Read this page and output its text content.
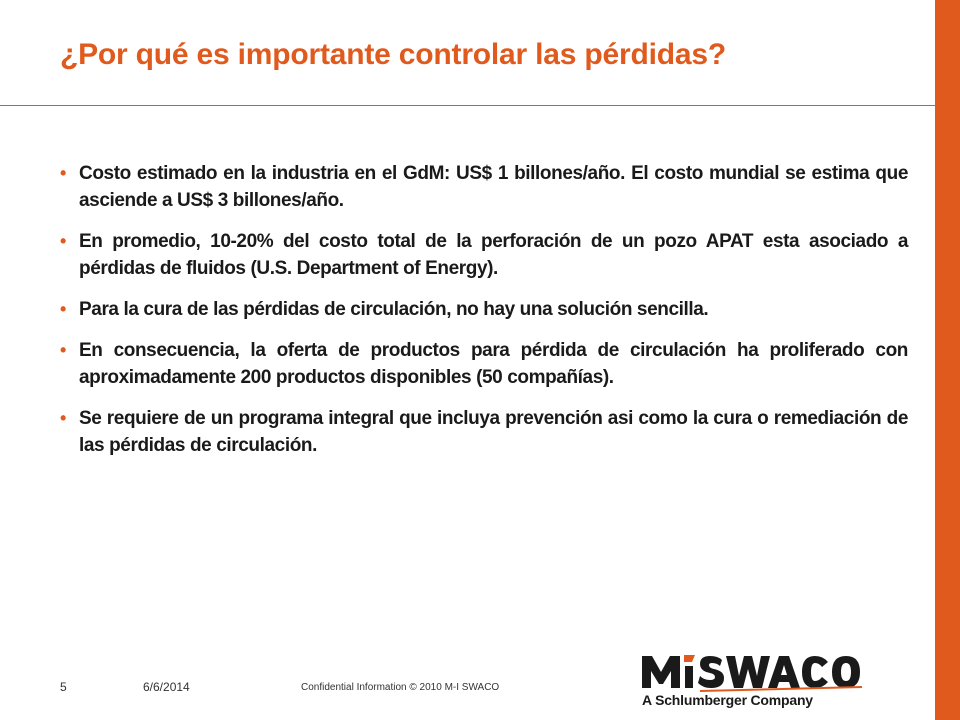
¿Por qué es importante controlar las pérdidas?
• Costo estimado en la industria en el GdM: US$ 1 billones/año. El costo mundial se estima que asciende a US$ 3 billones/año.
• En promedio, 10-20% del costo total de la perforación de un pozo APAT esta asociado a pérdidas de fluidos (U.S. Department of Energy).
• Para la cura de las pérdidas de circulación, no hay una solución sencilla.
• En consecuencia, la oferta de productos para pérdida de circulación ha proliferado con aproximadamente 200 productos disponibles (50 compañías).
• Se requiere de un programa integral que incluya prevención asi como la cura o remediación de las pérdidas de circulación.
5	6/6/2014	Confidential Information © 2010 M-I SWACO
A Schlumberger Company
